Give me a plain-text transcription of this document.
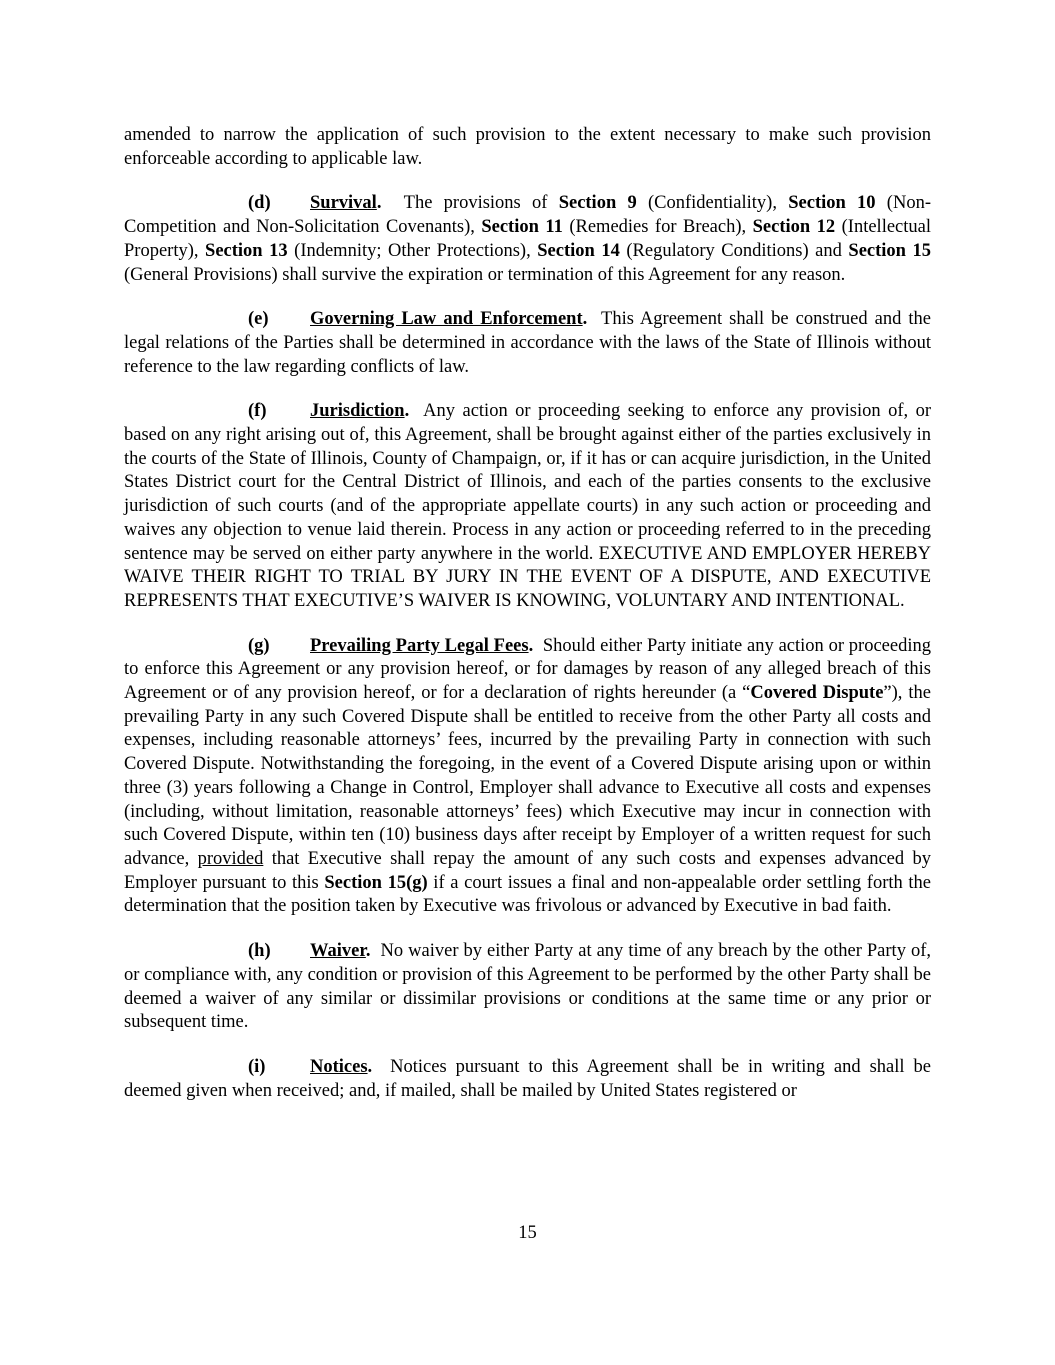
amended to narrow the application of such provision to the extent necessary to make such provision enforceable according to applicable law.

(d) Survival. The provisions of Section 9 (Confidentiality), Section 10 (Non-Competition and Non-Solicitation Covenants), Section 11 (Remedies for Breach), Section 12 (Intellectual Property), Section 13 (Indemnity; Other Protections), Section 14 (Regulatory Conditions) and Section 15 (General Provisions) shall survive the expiration or termination of this Agreement for any reason.

(e) Governing Law and Enforcement. This Agreement shall be construed and the legal relations of the Parties shall be determined in accordance with the laws of the State of Illinois without reference to the law regarding conflicts of law.

(f) Jurisdiction. Any action or proceeding seeking to enforce any provision of, or based on any right arising out of, this Agreement, shall be brought against either of the parties exclusively in the courts of the State of Illinois, County of Champaign, or, if it has or can acquire jurisdiction, in the United States District court for the Central District of Illinois, and each of the parties consents to the exclusive jurisdiction of such courts (and of the appropriate appellate courts) in any such action or proceeding and waives any objection to venue laid therein. Process in any action or proceeding referred to in the preceding sentence may be served on either party anywhere in the world. EXECUTIVE AND EMPLOYER HEREBY WAIVE THEIR RIGHT TO TRIAL BY JURY IN THE EVENT OF A DISPUTE, AND EXECUTIVE REPRESENTS THAT EXECUTIVE’S WAIVER IS KNOWING, VOLUNTARY AND INTENTIONAL.

(g) Prevailing Party Legal Fees. Should either Party initiate any action or proceeding to enforce this Agreement or any provision hereof, or for damages by reason of any alleged breach of this Agreement or of any provision hereof, or for a declaration of rights hereunder (a “Covered Dispute”), the prevailing Party in any such Covered Dispute shall be entitled to receive from the other Party all costs and expenses, including reasonable attorneys’ fees, incurred by the prevailing Party in connection with such Covered Dispute. Notwithstanding the foregoing, in the event of a Covered Dispute arising upon or within three (3) years following a Change in Control, Employer shall advance to Executive all costs and expenses (including, without limitation, reasonable attorneys’ fees) which Executive may incur in connection with such Covered Dispute, within ten (10) business days after receipt by Employer of a written request for such advance, provided that Executive shall repay the amount of any such costs and expenses advanced by Employer pursuant to this Section 15(g) if a court issues a final and non-appealable order settling forth the determination that the position taken by Executive was frivolous or advanced by Executive in bad faith.

(h) Waiver. No waiver by either Party at any time of any breach by the other Party of, or compliance with, any condition or provision of this Agreement to be performed by the other Party shall be deemed a waiver of any similar or dissimilar provisions or conditions at the same time or any prior or subsequent time.

(i) Notices. Notices pursuant to this Agreement shall be in writing and shall be deemed given when received; and, if mailed, shall be mailed by United States registered or

15
